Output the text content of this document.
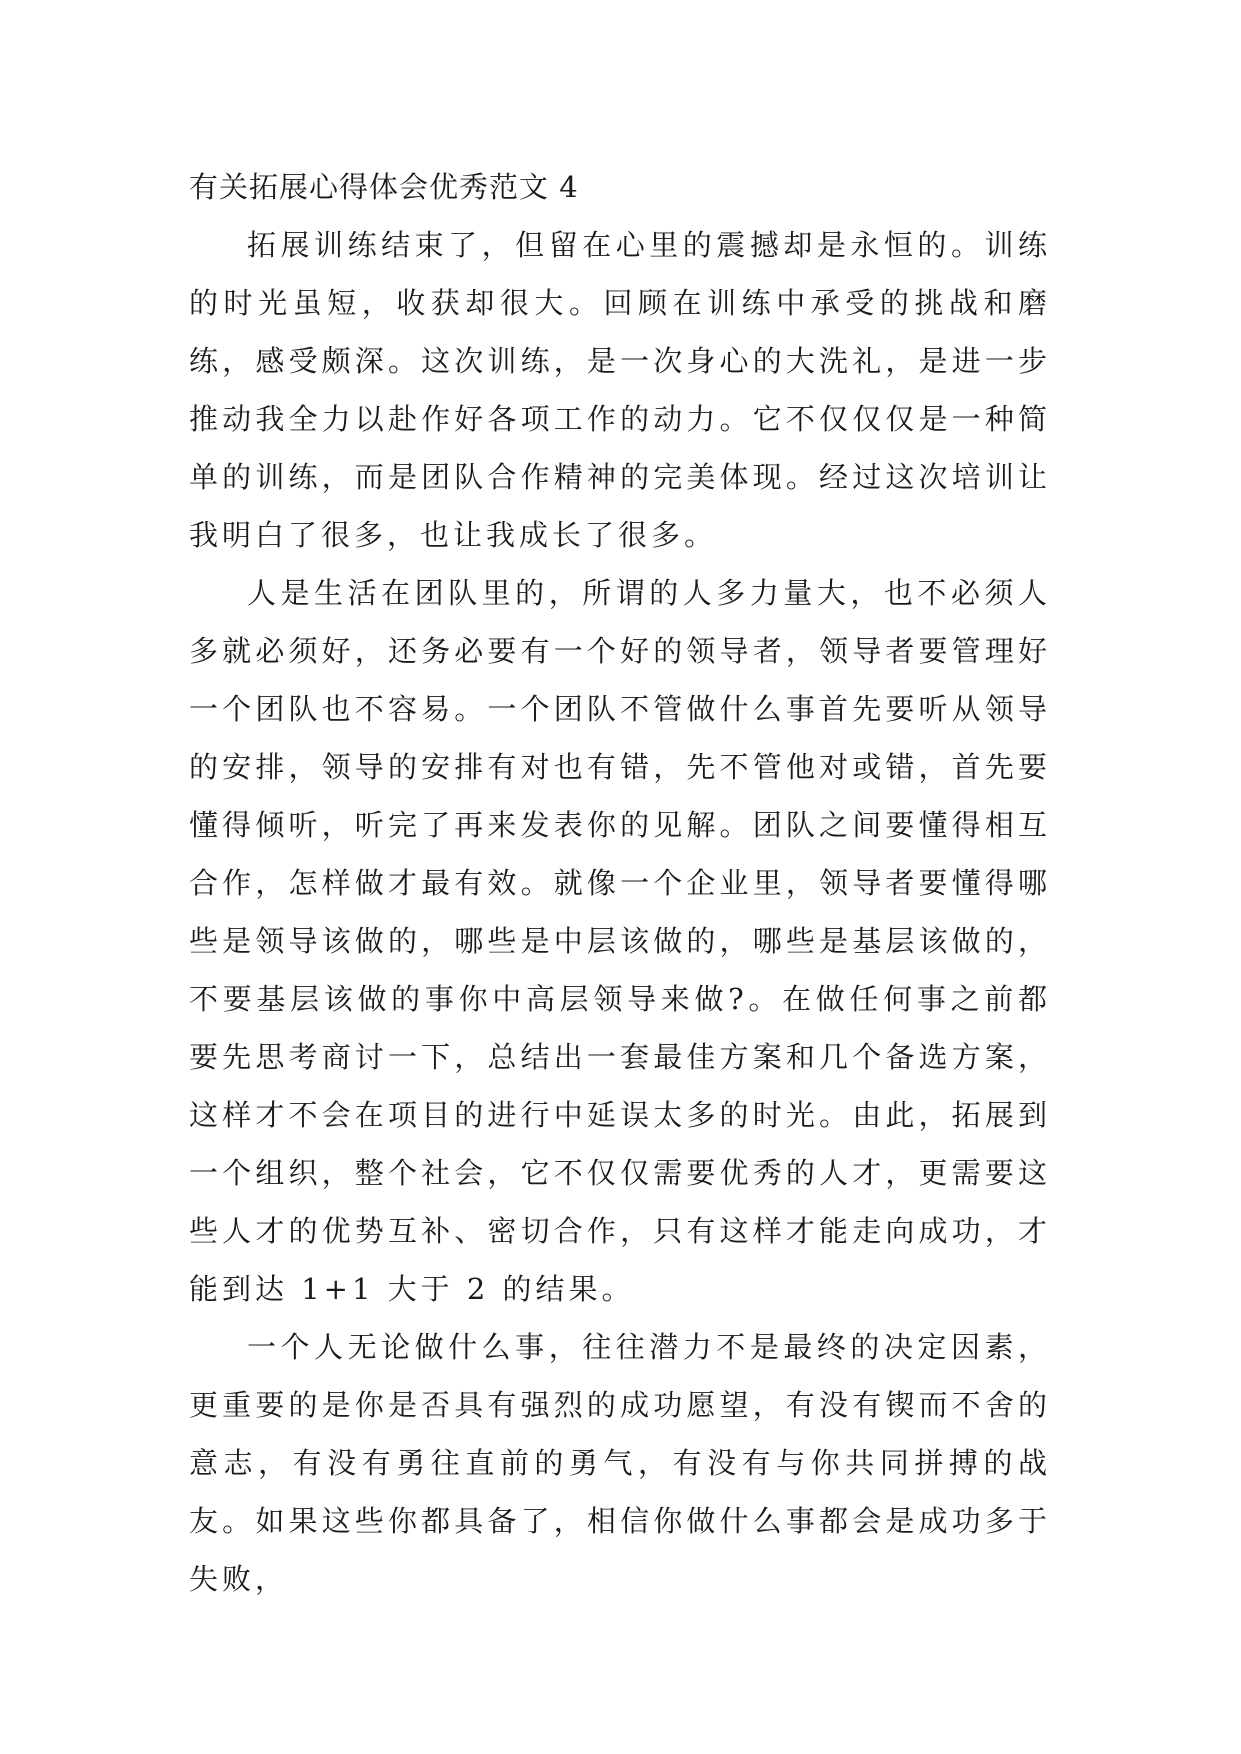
有关拓展心得体会优秀范文 4

拓展训练结束了，但留在心里的震撼却是永恒的。训练的时光虽短，收获却很大。回顾在训练中承受的挑战和磨练，感受颇深。这次训练，是一次身心的大洗礼，是进一步推动我全力以赴作好各项工作的动力。它不仅仅仅是一种简单的训练，而是团队合作精神的完美体现。经过这次培训让我明白了很多，也让我成长了很多。

人是生活在团队里的，所谓的人多力量大，也不必须人多就必须好，还务必要有一个好的领导者，领导者要管理好一个团队也不容易。一个团队不管做什么事首先要听从领导的安排，领导的安排有对也有错，先不管他对或错，首先要懂得倾听，听完了再来发表你的见解。团队之间要懂得相互合作，怎样做才最有效。就像一个企业里，领导者要懂得哪些是领导该做的，哪些是中层该做的，哪些是基层该做的，不要基层该做的事你中高层领导来做?。在做任何事之前都要先思考商讨一下，总结出一套最佳方案和几个备选方案，这样才不会在项目的进行中延误太多的时光。由此，拓展到一个组织，整个社会，它不仅仅需要优秀的人才，更需要这些人才的优势互补、密切合作，只有这样才能走向成功，才能到达 1+1 大于 2 的结果。

一个人无论做什么事，往往潜力不是最终的决定因素，更重要的是你是否具有强烈的成功愿望，有没有锲而不舍的意志，有没有勇往直前的勇气，有没有与你共同拼搏的战友。如果这些你都具备了，相信你做什么事都会是成功多于失败，
